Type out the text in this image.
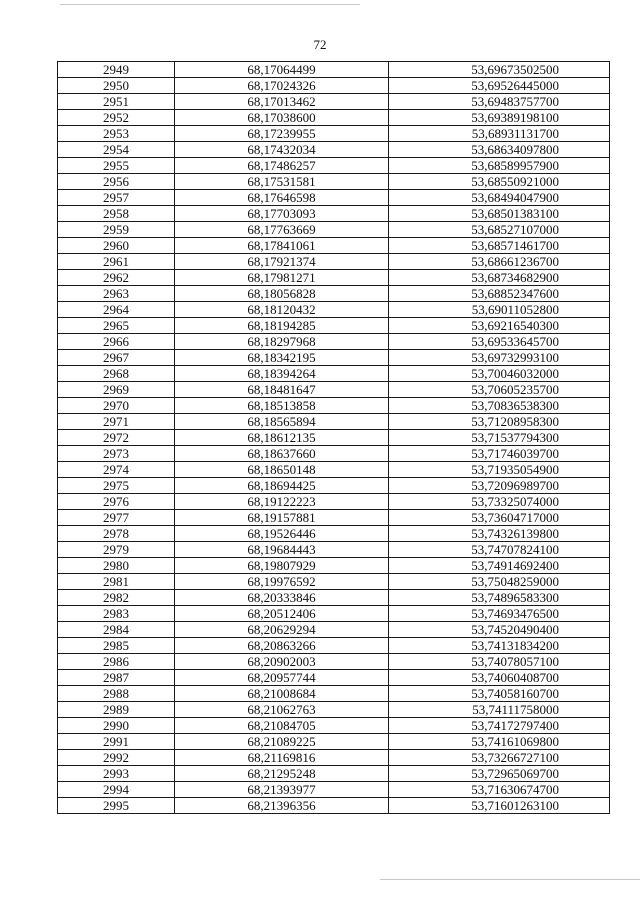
72
2949	68,17064499	53,69673502500
2950	68,17024326	53,69526445000
2951	68,17013462	53,69483757700
2952	68,17038600	53,69389198100
2953	68,17239955	53,68931131700
2954	68,17432034	53,68634097800
2955	68,17486257	53,68589957900
2956	68,17531581	53,68550921000
2957	68,17646598	53,68494047900
2958	68,17703093	53,68501383100
2959	68,17763669	53,68527107000
2960	68,17841061	53,68571461700
2961	68,17921374	53,68661236700
2962	68,17981271	53,68734682900
2963	68,18056828	53,68852347600
2964	68,18120432	53,69011052800
2965	68,18194285	53,69216540300
2966	68,18297968	53,69533645700
2967	68,18342195	53,69732993100
2968	68,18394264	53,70046032000
2969	68,18481647	53,70605235700
2970	68,18513858	53,70836538300
2971	68,18565894	53,71208958300
2972	68,18612135	53,71537794300
2973	68,18637660	53,71746039700
2974	68,18650148	53,71935054900
2975	68,18694425	53,72096989700
2976	68,19122223	53,73325074000
2977	68,19157881	53,73604717000
2978	68,19526446	53,74326139800
2979	68,19684443	53,74707824100
2980	68,19807929	53,74914692400
2981	68,19976592	53,75048259000
2982	68,20333846	53,74896583300
2983	68,20512406	53,74693476500
2984	68,20629294	53,74520490400
2985	68,20863266	53,74131834200
2986	68,20902003	53,74078057100
2987	68,20957744	53,74060408700
2988	68,21008684	53,74058160700
2989	68,21062763	53,74111758000
2990	68,21084705	53,74172797400
2991	68,21089225	53,74161069800
2992	68,21169816	53,73266727100
2993	68,21295248	53,72965069700
2994	68,21393977	53,71630674700
2995	68,21396356	53,71601263100
